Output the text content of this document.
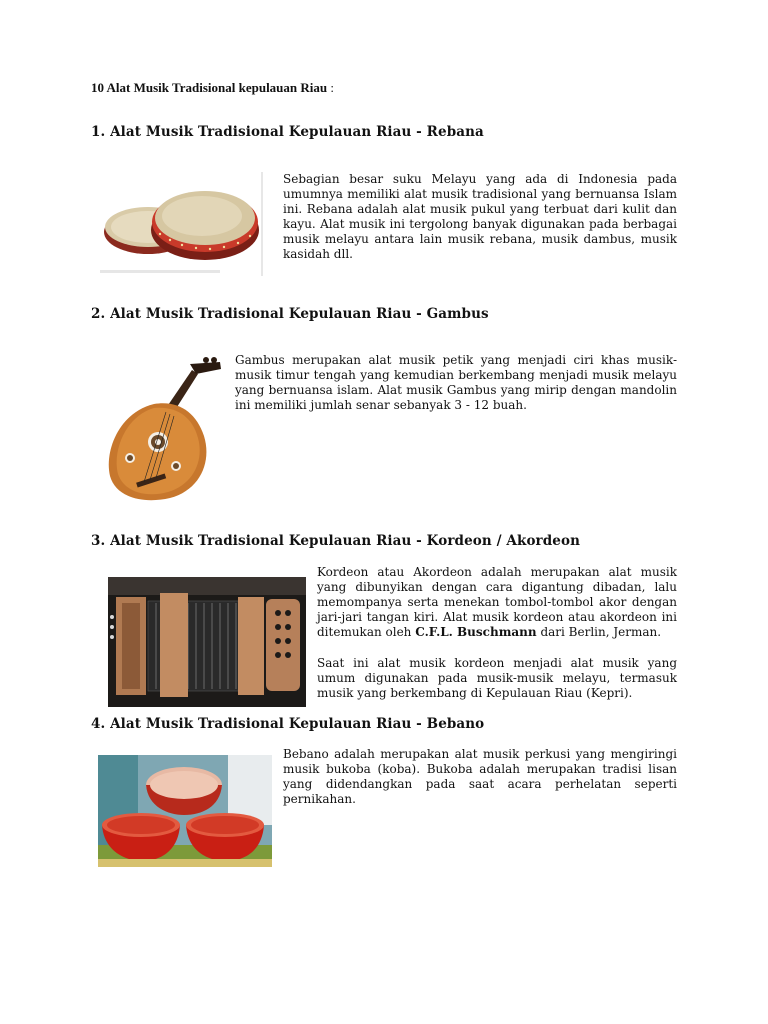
10 Alat Musik Tradisional kepulauan Riau :
1. Alat Musik Tradisional Kepulauan Riau - Rebana
Sebagian besar suku Melayu yang ada di Indonesia pada umumnya memiliki alat musik tradisional yang bernuansa Islam ini. Rebana adalah alat musik pukul yang terbuat dari kulit dan kayu. Alat musik ini tergolong banyak digunakan pada berbagai musik melayu antara lain musik rebana, musik dambus, musik kasidah dll.
2. Alat Musik Tradisional Kepulauan Riau - Gambus
Gambus merupakan alat musik petik yang menjadi ciri khas musik-musik timur tengah yang kemudian berkembang menjadi musik melayu yang bernuansa islam. Alat musik Gambus yang mirip dengan mandolin ini memiliki jumlah senar sebanyak 3 - 12 buah.
3. Alat Musik Tradisional Kepulauan Riau - Kordeon / Akordeon
Kordeon atau Akordeon adalah merupakan alat musik yang dibunyikan dengan cara digantung dibadan, lalu memompanya serta menekan tombol-tombol akor dengan jari-jari tangan kiri. Alat musik kordeon atau akordeon ini ditemukan oleh C.F.L. Buschmann dari Berlin, Jerman.
Saat ini alat musik kordeon menjadi alat musik yang umum digunakan pada musik-musik melayu, termasuk musik yang berkembang di Kepulauan Riau (Kepri).
4. Alat Musik Tradisional Kepulauan Riau - Bebano
Bebano adalah merupakan alat musik perkusi yang mengiringi musik bukoba (koba). Bukoba adalah merupakan tradisi lisan yang didendangkan pada saat acara perhelatan seperti pernikahan.
